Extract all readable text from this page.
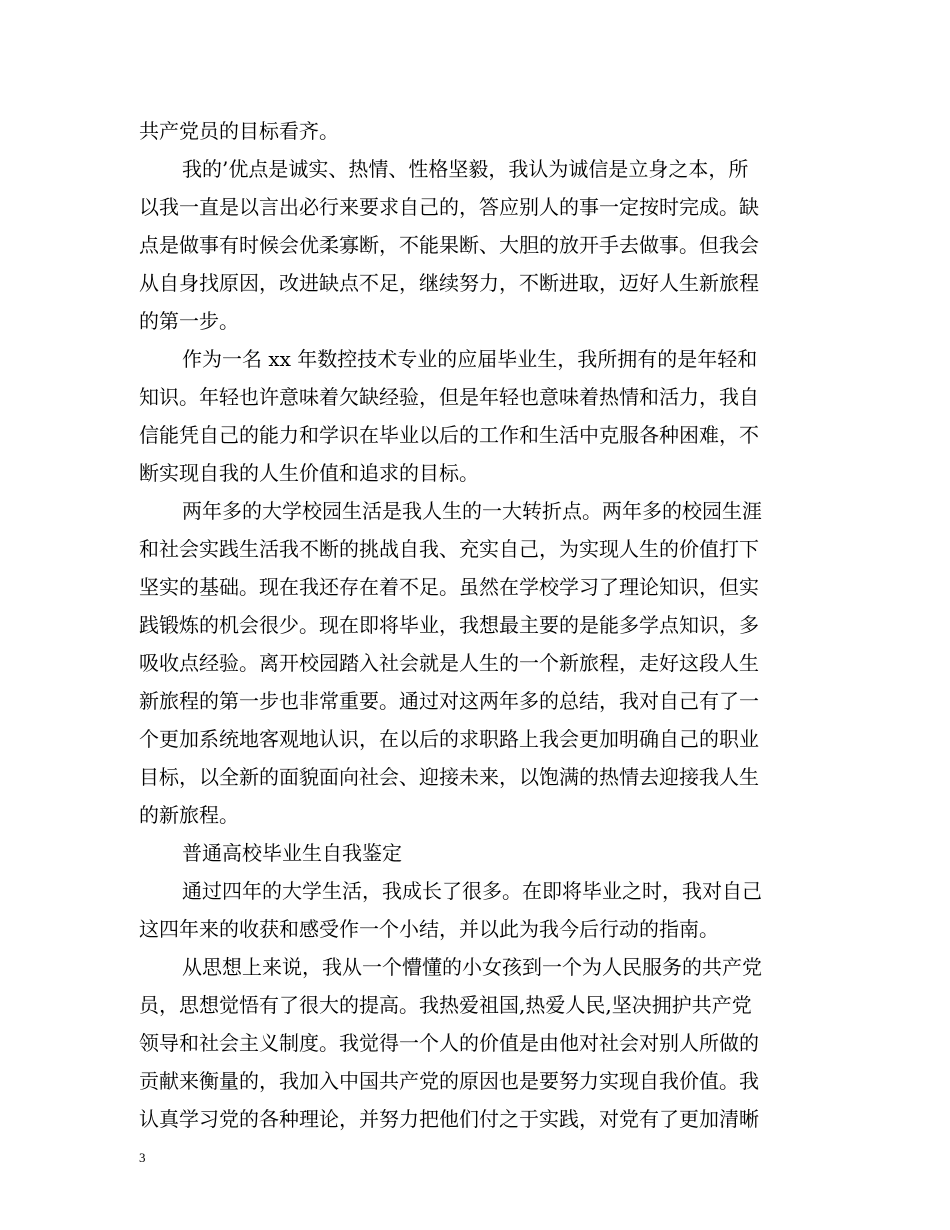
共产党员的目标看齐。
我的’优点是诚实、热情、性格坚毅，我认为诚信是立身之本，所
以我一直是以言出必行来要求自己的，答应别人的事一定按时完成。缺
点是做事有时候会优柔寡断，不能果断、大胆的放开手去做事。但我会
从自身找原因，改进缺点不足，继续努力，不断进取，迈好人生新旅程
的第一步。
作为一名 xx 年数控技术专业的应届毕业生，我所拥有的是年轻和
知识。年轻也许意味着欠缺经验，但是年轻也意味着热情和活力，我自
信能凭自己的能力和学识在毕业以后的工作和生活中克服各种困难，不
断实现自我的人生价值和追求的目标。
两年多的大学校园生活是我人生的一大转折点。两年多的校园生涯
和社会实践生活我不断的挑战自我、充实自己，为实现人生的价值打下
坚实的基础。现在我还存在着不足。虽然在学校学习了理论知识，但实
践锻炼的机会很少。现在即将毕业，我想最主要的是能多学点知识，多
吸收点经验。离开校园踏入社会就是人生的一个新旅程，走好这段人生
新旅程的第一步也非常重要。通过对这两年多的总结，我对自己有了一
个更加系统地客观地认识，在以后的求职路上我会更加明确自己的职业
目标，以全新的面貌面向社会、迎接未来，以饱满的热情去迎接我人生
的新旅程。
普通高校毕业生自我鉴定
通过四年的大学生活，我成长了很多。在即将毕业之时，我对自己
这四年来的收获和感受作一个小结，并以此为我今后行动的指南。
从思想上来说，我从一个懵懂的小女孩到一个为人民服务的共产党
员，思想觉悟有了很大的提高。我热爱祖国,热爱人民,坚决拥护共产党
领导和社会主义制度。我觉得一个人的价值是由他对社会对别人所做的
贡献来衡量的，我加入中国共产党的原因也是要努力实现自我价值。我
认真学习党的各种理论，并努力把他们付之于实践，对党有了更加清晰
3
